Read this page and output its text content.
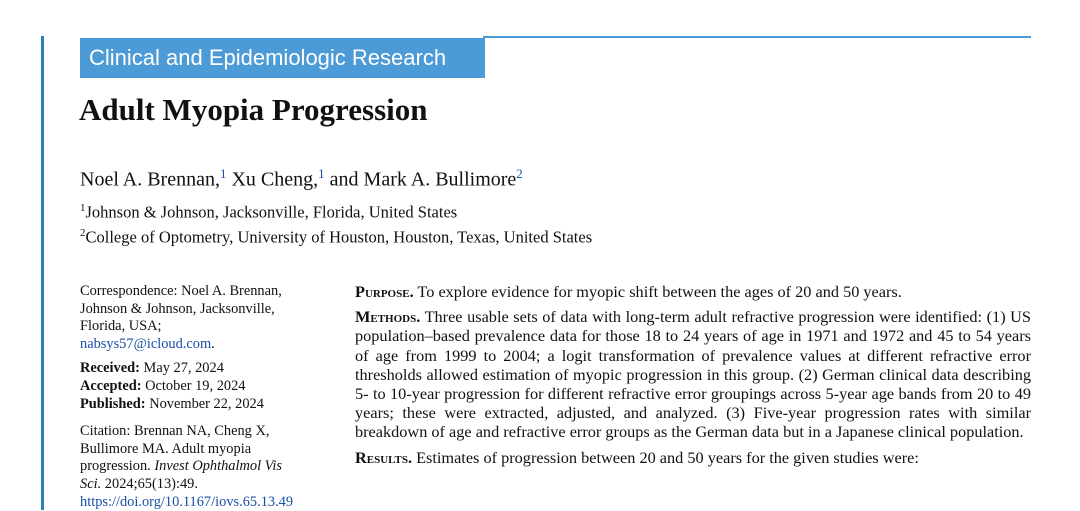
Clinical and Epidemiologic Research
Adult Myopia Progression
Noel A. Brennan,$^1$ Xu Cheng,$^1$ and Mark A. Bullimore$^2$
$^1$Johnson & Johnson, Jacksonville, Florida, United States
$^2$College of Optometry, University of Houston, Houston, Texas, United States

Correspondence: Noel A. Brennan,

Johnson & Johnson, Jacksonville,

Florida, USA;

nabsys57@icloud.com.

Received: May 27, 2024

Accepted: October 19, 2024

Published: November 22, 2024

Citation: Brennan NA, Cheng X,

Bullimore MA. Adult myopia

progression. Invest Ophthalmol Vis

Sci. 2024;65(13):49.

https://doi.org/10.1167/iovs.65.13.49

Purpose. To explore evidence for myopic shift between the ages of 20 and 50 years.

Methods. Three usable sets of data with long-term adult refractive progression were identified: (1) US population–based prevalence data for those 18 to 24 years of age in 1971 and 1972 and 45 to 54 years of age from 1999 to 2004; a logit transformation of prevalence values at different refractive error thresholds allowed estimation of myopic progression in this group. (2) German clinical data describing 5- to 10-year progression for different refractive error groupings across 5-year age bands from 20 to 49 years; these were extracted, adjusted, and analyzed. (3) Five-year progression rates with similar breakdown of age and refractive error groups as the German data but in a Japanese clinical population.

Results. Estimates of progression between 20 and 50 years for the given studies were:
